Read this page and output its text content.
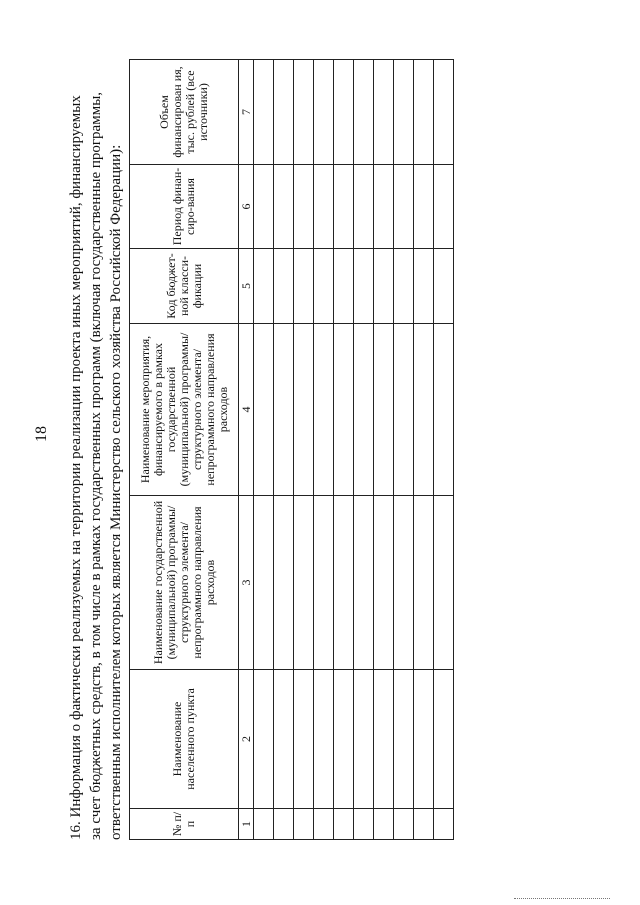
18 16. Информация о фактически реализуемых на территории реализации проекта иных мероприятий, финансируемых за счет бюджетных средств, в том числе в рамках государственных программ (включая государственные программы, ответственным исполнителем которых является Министерство сельского хозяйства Российской Федерации):	№ п/п	Наименование населенного пункта	Наименование государственной (муниципальной) программы/структурного элемента/непрограммного направления расходов	Наименование мероприятия, финансируемого в рамках государственной (муниципальной) программы/структурного элемента/непрограммного направления расходов	Код бюджет-ной класси-фикации	Период финан-сиро-вания	Объем финансирован ия, тыс. рублей (все источники)
1	2	3	4	5	6	7
